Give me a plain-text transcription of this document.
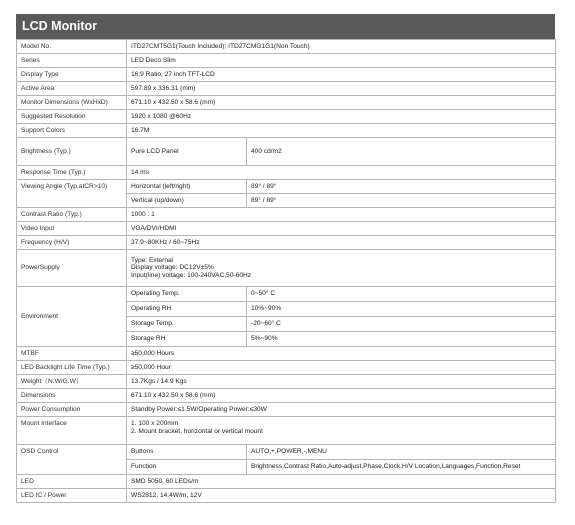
LCD Monitor
Model No.	ITD27CMT5G1(Touch Included); ITD27CMG1G1(Non Touch)	
Series	LED Deco Slim	
Display Type	16:9 Ratio, 27 inch TFT-LCD	
Active Area	597.89 x 336.31 (mm)	
Monitor Dimensions (WxHxD)	671.10 x 432.50 x 58.6 (mm)	
Suggested Resolution	1920 x 1080 @60Hz	
Support Colors	16.7M	
Brightness (Typ.)	Pure LCD Panel	400 cd/m2
Response Time (Typ.)	14 ms	
Viewing Angle (Typ.atCR>10)	Horizontal (left/right)	89° / 89°
	Vertical (up/down)	89° / 89°
Contrast Ratio (Typ.)	1000 : 1	
Video Input	VGA/DVI/HDMI	
Frequency (H/V)	37.9~80KHz / 60~75Hz	
PowerSupply	Type: External
Display voltage: DC12V±5%
Input(line) voltage: 100-240VAC,50-60Hz	

Environment	Operating Temp.	0~50° C
	Operating RH	10%~90%
	Storage Temp.	-20~60° C
	Storage RH	5%~90%
MTBF	≥50,000 Hours	
LED Backlight Life Time (Typ.)	≥50,000 Hour	
Weight（N.W/G.W）	13.7Kgs / 14.9 Kgs	
Dimensions	671.10 x 432.50 x 58.6 (mm)	
Power Consumption	Standby Power:≤1.5W/Operating Power:≤30W	
Mount Interface	1. 100 x 200mm
2. Mount bracket, horizontal or vertical mount	

OSD Control	Buttons	AUTO,+,POWER,-,MENU
	Function	Brightness,Contrast Ratio,Auto-adjust,Phase,Clock,H/V Location,Languages,Function,Reset
LED	SMD 5050, 60 LEDs/m	
LED IC / Power	WS2812, 14.4W/m, 12V	
